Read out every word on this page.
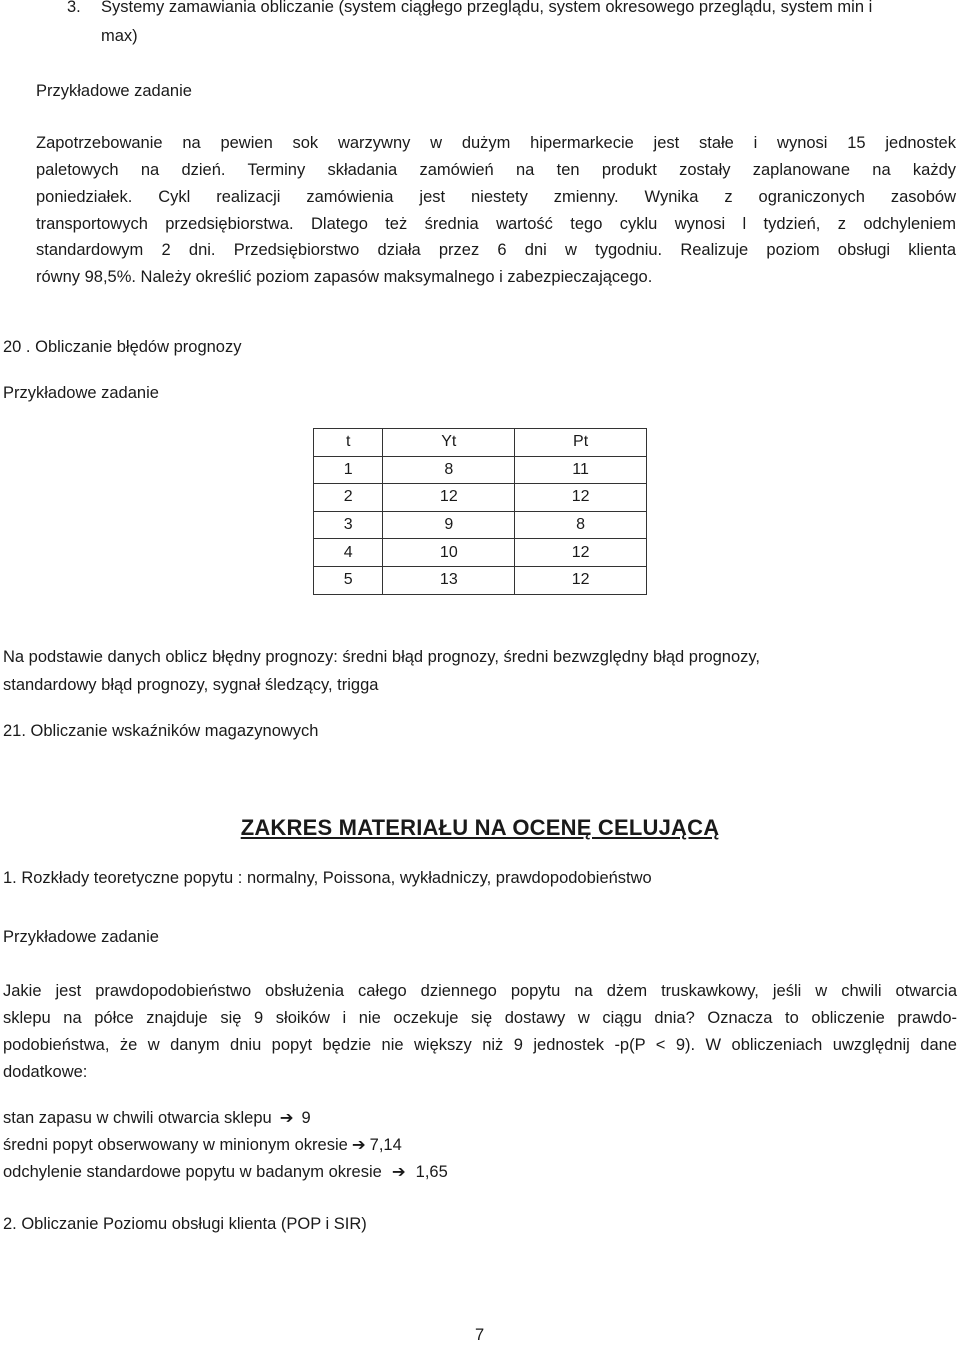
3. Systemy zamawiania obliczanie (system ciągłego przeglądu, system okresowego przeglądu, system min i
max)
Przykładowe zadanie
Zapotrzebowanie na pewien sok warzywny w dużym hipermarkecie jest stałe i wynosi 15 jednostek
paletowych na dzień. Terminy składania zamówień na ten produkt zostały zaplanowane na każdy
poniedziałek. Cykl realizacji zamówienia jest niestety zmienny. Wynika z ograniczonych zasobów
transportowych przedsiębiorstwa. Dlatego też średnia wartość tego cyklu wynosi l tydzień, z odchyleniem
standardowym 2 dni. Przedsiębiorstwo działa przez 6 dni w tygodniu. Realizuje poziom obsługi klienta
równy 98,5%. Należy określić poziom zapasów maksymalnego i zabezpieczającego.
20 . Obliczanie błędów prognozy
Przykładowe zadanie
t	Yt	Pt
1	8	11
2	12	12
3	9	8
4	10	12
5	13	12
Na podstawie danych oblicz błędny prognozy: średni błąd prognozy, średni bezwzględny błąd prognozy,
standardowy błąd prognozy, sygnał śledzący, trigga
21. Obliczanie wskaźników magazynowych
ZAKRES MATERIAŁU NA OCENĘ CELUJĄCĄ
1. Rozkłady teoretyczne popytu : normalny, Poissona, wykładniczy, prawdopodobieństwo
Przykładowe zadanie
Jakie jest prawdopodobieństwo obsłużenia całego dziennego popytu na dżem truskawkowy, jeśli w chwili otwarcia
sklepu na półce znajduje się 9 słoików i nie oczekuje się dostawy w ciągu dnia? Oznacza to obliczenie prawdo-
podobieństwa, że w danym dniu popyt będzie nie większy niż 9 jednostek -p(P < 9). W obliczeniach uwzględnij dane
dodatkowe:
stan zapasu w chwili otwarcia sklepu ➔ 9
średni popyt obserwowany w minionym okresie ➔ 7,14
odchylenie standardowe popytu w badanym okresie ➔ 1,65
2. Obliczanie Poziomu obsługi klienta (POP i SIR)
7
